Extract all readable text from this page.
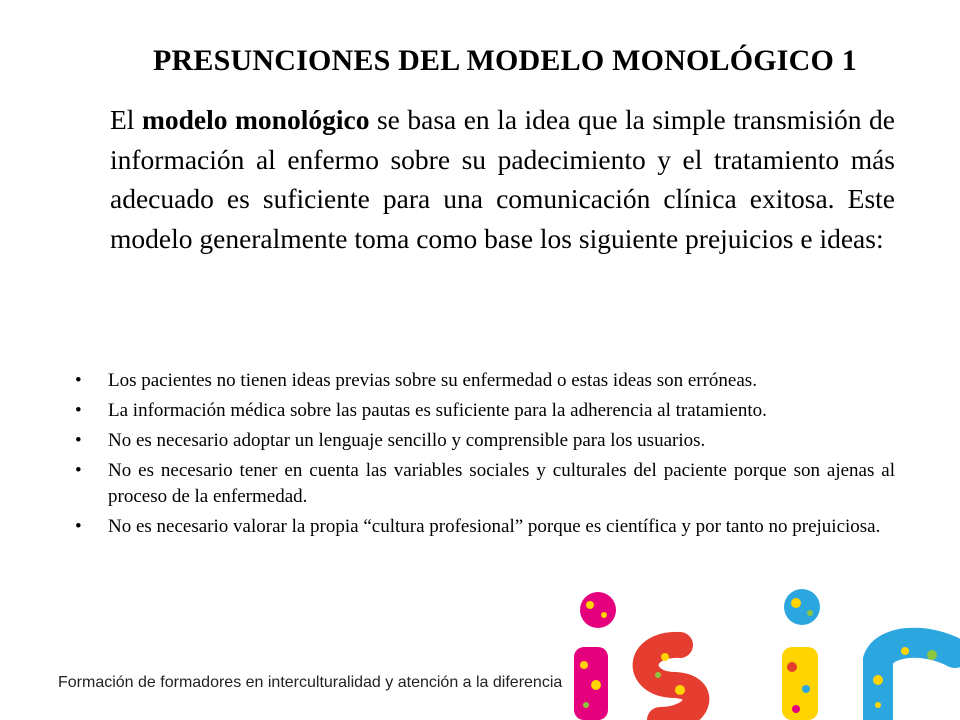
PRESUNCIONES DEL MODELO MONOLÓGICO 1
El modelo monológico se basa en la idea que la simple transmisión de información al enfermo sobre su padecimiento y el tratamiento más adecuado es suficiente para una comunicación clínica exitosa. Este modelo generalmente toma como base los siguiente prejuicios e ideas:
• Los pacientes no tienen ideas previas sobre su enfermedad o estas ideas son erróneas.
• La información médica sobre las pautas es suficiente para la adherencia al tratamiento.
• No es necesario adoptar un lenguaje sencillo y comprensible para los usuarios.
• No es necesario tener en cuenta las variables sociales y culturales del paciente porque son ajenas al proceso de la enfermedad.
• No es necesario valorar la propia “cultura profesional” porque es científica y por tanto no prejuiciosa.
Formación de formadores en interculturalidad y atención a la diferencia
